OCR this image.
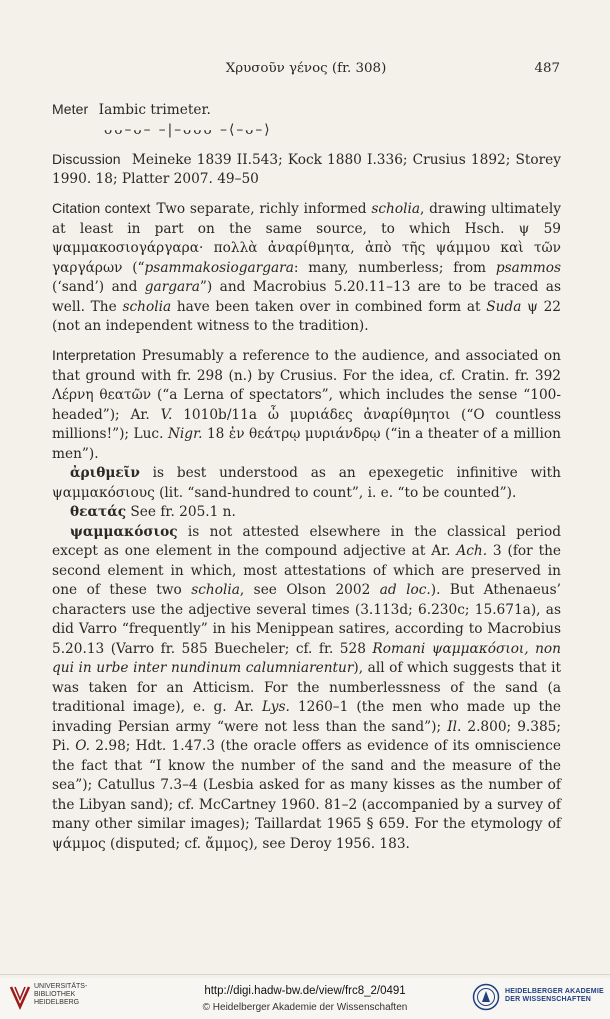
Χρυσοῦν γένος (fr. 308)	487

Meter Iambic trimeter.

ᴗᴗ–ᴗ– –|–ᴗᴗᴗ –⟨–ᴗ–⟩

Discussion Meineke 1839 II.543; Kock 1880 I.336; Crusius 1892; Storey 1990. 18; Platter 2007. 49–50

Citation context Two separate, richly informed scholia, drawing ultimately at least in part on the same source, to which Hsch. ψ 59 ψαμμακοσιογάργαρα· πολλὰ ἀναρίθμητα, ἀπὸ τῆς ψάμμου καὶ τῶν γαργάρων (“psammakosiogargara: many, numberless; from psammos (‘sand’) and gargara”) and Macrobius 5.20.11–13 are to be traced as well. The scholia have been taken over in combined form at Suda ψ 22 (not an independent witness to the tradition).

Interpretation Presumably a reference to the audience, and associated on that ground with fr. 298 (n.) by Crusius. For the idea, cf. Cratin. fr. 392 Λέρνη θεατῶν (“a Lerna of spectators”, which includes the sense “100-headed”); Ar. V. 1010b/11a ὦ μυριάδες ἀναρίθμητοι (“O countless millions!”); Luc. Nigr. 18 ἐν θεάτρῳ μυριάνδρῳ (“in a theater of a million men”).

ἀριθμεῖν is best understood as an epexegetic infinitive with ψαμμακόσιους (lit. “sand-hundred to count”, i. e. “to be counted”).

θεατάς See fr. 205.1 n.

ψαμμακόσιος is not attested elsewhere in the classical period except as one element in the compound adjective at Ar. Ach. 3 (for the second element in which, most attestations of which are preserved in one of these two scholia, see Olson 2002 ad loc.). But Athenaeus’ characters use the adjective several times (3.113d; 6.230c; 15.671a), as did Varro “frequently” in his Menippean satires, according to Macrobius 5.20.13 (Varro fr. 585 Buecheler; cf. fr. 528 Romani ψαμμακόσιοι, non qui in urbe inter nundinum calumniarentur), all of which suggests that it was taken for an Atticism. For the numberlessness of the sand (a traditional image), e. g. Ar. Lys. 1260–1 (the men who made up the invading Persian army “were not less than the sand”); Il. 2.800; 9.385; Pi. O. 2.98; Hdt. 1.47.3 (the oracle offers as evidence of its omniscience the fact that “I know the number of the sand and the measure of the sea”); Catullus 7.3–4 (Lesbia asked for as many kisses as the number of the Libyan sand); cf. McCartney 1960. 81–2 (accompanied by a survey of many other similar images); Taillardat 1965 § 659. For the etymology of ψάμμος (disputed; cf. ἄμμος), see Deroy 1956. 183.

UNIVERSITÄTS-
BIBLIOTHEK
HEIDELBERG
http://digi.hadw-bw.de/view/frc8_2/0491
© Heidelberger Akademie der Wissenschaften
HEIDELBERGER AKADEMIE
DER WISSENSCHAFTEN
